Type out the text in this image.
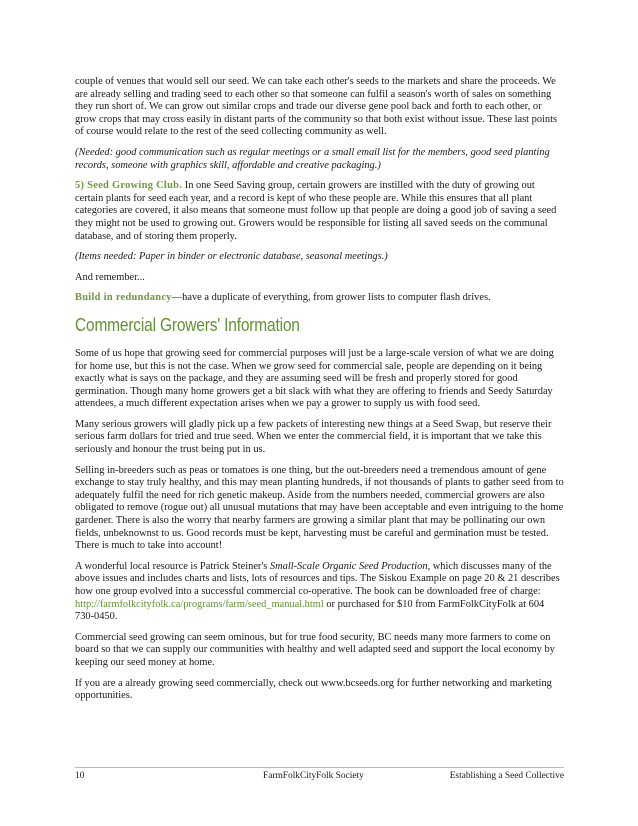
couple of venues that would sell our seed. We can take each other's seeds to the markets and share the proceeds. We are already selling and trading seed to each other so that someone can fulfil a season's worth of sales on something they run short of. We can grow out similar crops and trade our diverse gene pool back and forth to each other, or grow crops that may cross easily in distant parts of the community so that both exist without issue. These last points of course would relate to the rest of the seed collecting community as well.

(Needed: good communication such as regular meetings or a small email list for the members, good seed planting records, someone with graphics skill, affordable and creative packaging.)

5) Seed Growing Club. In one Seed Saving group, certain growers are instilled with the duty of growing out certain plants for seed each year, and a record is kept of who these people are. While this ensures that all plant categories are covered, it also means that someone must follow up that people are doing a good job of saving a seed they might not be used to growing out. Growers would be responsible for listing all saved seeds on the communal database, and of storing them properly.

(Items needed: Paper in binder or electronic database, seasonal meetings.)

And remember...

Build in redundancy—have a duplicate of everything, from grower lists to computer flash drives.

Commercial Growers' Information

Some of us hope that growing seed for commercial purposes will just be a large-scale version of what we are doing for home use, but this is not the case. When we grow seed for commercial sale, people are depending on it being exactly what is says on the package, and they are assuming seed will be fresh and properly stored for good germination. Though many home growers get a bit slack with what they are offering to friends and Seedy Saturday attendees, a much different expectation arises when we pay a grower to supply us with food seed.

Many serious growers will gladly pick up a few packets of interesting new things at a Seed Swap, but reserve their serious farm dollars for tried and true seed. When we enter the commercial field, it is important that we take this seriously and honour the trust being put in us.

Selling in-breeders such as peas or tomatoes is one thing, but the out-breeders need a tremendous amount of gene exchange to stay truly healthy, and this may mean planting hundreds, if not thousands of plants to gather seed from to adequately fulfil the need for rich genetic makeup. Aside from the numbers needed, commercial growers are also obligated to remove (rogue out) all unusual mutations that may have been acceptable and even intriguing to the home gardener. There is also the worry that nearby farmers are growing a similar plant that may be pollinating our own fields, unbeknownst to us. Good records must be kept, harvesting must be careful and germination must be tested. There is much to take into account!

A wonderful local resource is Patrick Steiner's Small-Scale Organic Seed Production, which discusses many of the above issues and includes charts and lists, lots of resources and tips. The Siskou Example on page 20 & 21 describes how one group evolved into a successful commercial co-operative. The book can be downloaded free of charge: http://farmfolkcityfolk.ca/programs/farm/seed_manual.html or purchased for $10 from FarmFolkCityFolk at 604 730-0450.

Commercial seed growing can seem ominous, but for true food security, BC needs many more farmers to come on board so that we can supply our communities with healthy and well adapted seed and support the local economy by keeping our seed money at home.

If you are a already growing seed commercially, check out www.bcseeds.org for further networking and marketing opportunities.

10	FarmFolkCityFolk Society	Establishing a Seed Collective
